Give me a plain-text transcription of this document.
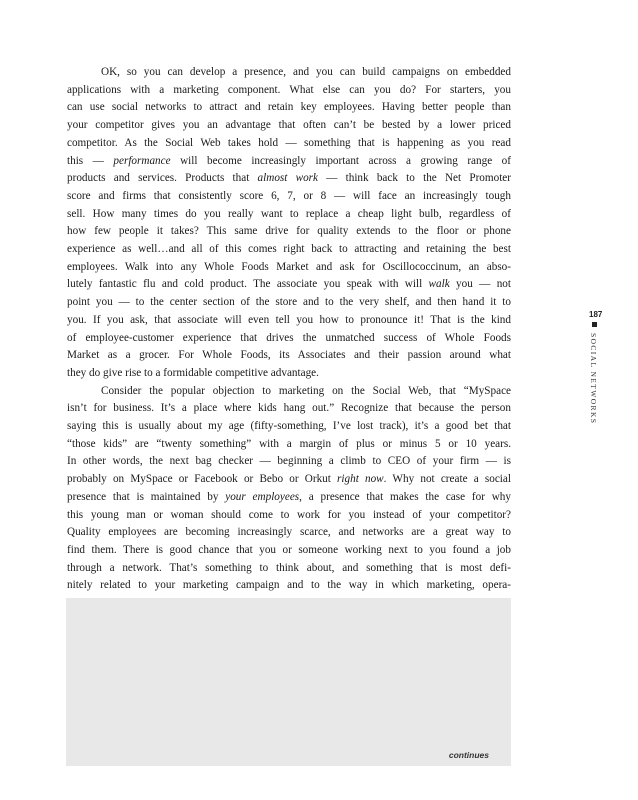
OK, so you can develop a presence, and you can build campaigns on embedded
applications with a marketing component. What else can you do? For starters, you
can use social networks to attract and retain key employees. Having better people than
your competitor gives you an advantage that often can’t be bested by a lower priced
competitor. As the Social Web takes hold — something that is happening as you read
this — performance will become increasingly important across a growing range of
products and services. Products that almost work — think back to the Net Promoter
score and firms that consistently score 6, 7, or 8 — will face an increasingly tough
sell. How many times do you really want to replace a cheap light bulb, regardless of
how few people it takes? This same drive for quality extends to the floor or phone
experience as well…and all of this comes right back to attracting and retaining the best
employees. Walk into any Whole Foods Market and ask for Oscillococcinum, an abso-
lutely fantastic flu and cold product. The associate you speak with will walk you — not
point you — to the center section of the store and to the very shelf, and then hand it to
you. If you ask, that associate will even tell you how to pronounce it! That is the kind
of employee-customer experience that drives the unmatched success of Whole Foods
Market as a grocer. For Whole Foods, its Associates and their passion around what
they do give rise to a formidable competitive advantage.
Consider the popular objection to marketing on the Social Web, that “MySpace
isn’t for business. It’s a place where kids hang out.” Recognize that because the person
saying this is usually about my age (fifty-something, I’ve lost track), it’s a good bet that
“those kids” are “twenty something” with a margin of plus or minus 5 or 10 years.
In other words, the next bag checker — beginning a climb to CEO of your firm — is
probably on MySpace or Facebook or Bebo or Orkut right now. Why not create a social
presence that is maintained by your employees, a presence that makes the case for why
this young man or woman should come to work for you instead of your competitor?
Quality employees are becoming increasingly scarce, and networks are a great way to
find them. There is good chance that you or someone working next to you found a job
through a network. That’s something to think about, and something that is most defi-
nitely related to your marketing campaign and to the way in which marketing, opera-
187
SOCIAL NETWORKS
continues
